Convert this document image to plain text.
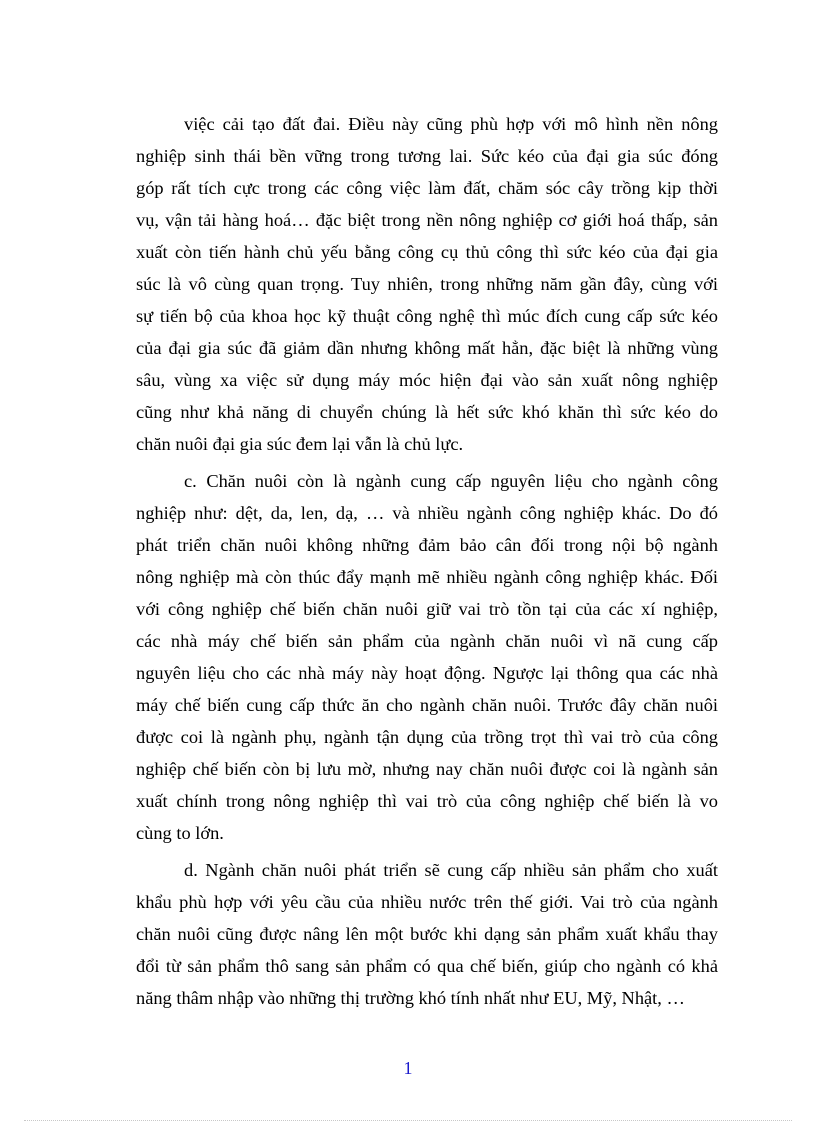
việc cải tạo đất đai. Điều này cũng phù hợp với mô hình nền nông
nghiệp sinh thái bền vững trong tương lai. Sức kéo của đại gia súc đóng
góp rất tích cực trong các công việc làm đất, chăm sóc cây trồng kịp thời
vụ, vận tải hàng hoá… đặc biệt trong nền nông nghiệp cơ giới hoá thấp, sản
xuất còn tiến hành chủ yếu bằng công cụ thủ công thì sức kéo của đại gia
súc là vô cùng quan trọng. Tuy nhiên, trong những năm gần đây, cùng với
sự tiến bộ của khoa học kỹ thuật công nghệ thì múc đích cung cấp sức kéo
của đại gia súc đã giảm dần nhưng không mất hẳn, đặc biệt là những vùng
sâu, vùng xa việc sử dụng máy móc hiện đại vào sản xuất nông nghiệp
cũng như khả năng di chuyển chúng là hết sức khó khăn thì sức kéo do
chăn nuôi đại gia súc đem lại vẫn là chủ lực.
c. Chăn nuôi còn là ngành cung cấp nguyên liệu cho ngành công
nghiệp như: dệt, da, len, dạ, … và nhiều ngành công nghiệp khác. Do đó
phát triển chăn nuôi không những đảm bảo cân đối trong nội bộ ngành
nông nghiệp mà còn thúc đẩy mạnh mẽ nhiều ngành công nghiệp khác. Đối
với công nghiệp chế biến chăn nuôi giữ vai trò tồn tại của các xí nghiệp,
các nhà máy chế biến sản phẩm của ngành chăn nuôi vì nã cung cấp
nguyên liệu cho các nhà máy này hoạt động. Ngược lại thông qua các nhà
máy chế biến cung cấp thức ăn cho ngành chăn nuôi. Trước đây chăn nuôi
được coi là ngành phụ, ngành tận dụng của trồng trọt thì vai trò của công
nghiệp chế biến còn bị lưu mờ, nhưng nay chăn nuôi được coi là ngành sản
xuất chính trong nông nghiệp thì vai trò của công nghiệp chế biến là vo
cùng to lớn.
d. Ngành chăn nuôi phát triển sẽ cung cấp nhiều sản phẩm cho xuất
khẩu phù hợp với yêu cầu của nhiều nước trên thế giới. Vai trò của ngành
chăn nuôi cũng được nâng lên một bước khi dạng sản phẩm xuất khẩu thay
đổi từ sản phẩm thô sang sản phẩm có qua chế biến, giúp cho ngành có khả
năng thâm nhập vào những thị trường khó tính nhất như EU, Mỹ, Nhật, …
1
